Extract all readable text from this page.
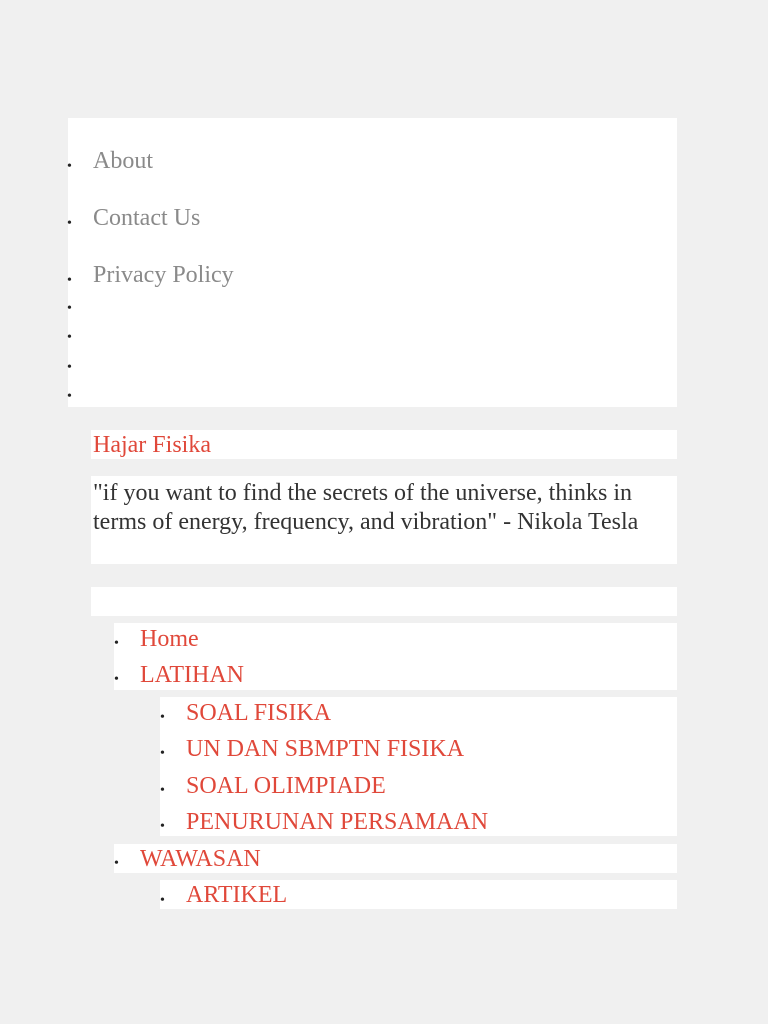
• About
• Contact Us
• Privacy Policy
•
•
•
•
Hajar Fisika
"if you want to find the secrets of the universe, thinks in terms of energy, frequency, and vibration" - Nikola Tesla
• Home
• LATIHAN
• SOAL FISIKA
• UN DAN SBMPTN FISIKA
• SOAL OLIMPIADE
• PENURUNAN PERSAMAAN
• WAWASAN
• ARTIKEL
